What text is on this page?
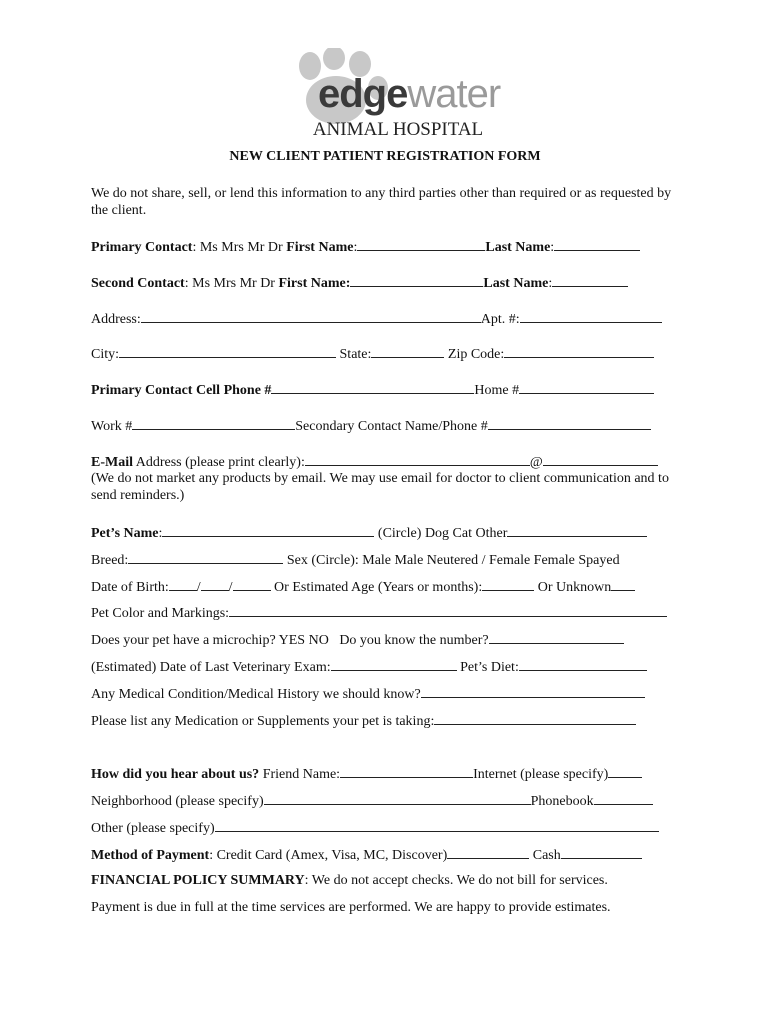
edgewater
ANIMAL HOSPITAL
NEW CLIENT PATIENT REGISTRATION FORM
We do not share, sell, or lend this information to any third parties other than required or as requested by the client.
Primary Contact: Ms Mrs Mr Dr First Name:	Last Name:
Second Contact: Ms Mrs Mr Dr First Name:	Last Name:
Address:	Apt. #:
City:	State:	Zip Code:
Primary Contact Cell Phone #	Home #
Work #	Secondary Contact Name/Phone #
E-Mail Address (please print clearly):	@
(We do not market any products by email. We may use email for doctor to client communication and to send reminders.)
Pet’s Name:	(Circle) Dog Cat Other
Breed:	Sex (Circle): Male Male Neutered / Female Female Spayed
Date of Birth: / /	Or Estimated Age (Years or months):	Or Unknown
Pet Color and Markings:
Does your pet have a microchip? YES NO Do you know the number?
(Estimated) Date of Last Veterinary Exam:	Pet’s Diet:
Any Medical Condition/Medical History we should know?
Please list any Medication or Supplements your pet is taking:
How did you hear about us? Friend Name:	Internet (please specify)
Neighborhood (please specify)	Phonebook
Other (please specify)
Method of Payment: Credit Card (Amex, Visa, MC, Discover)	Cash
FINANCIAL POLICY SUMMARY: We do not accept checks. We do not bill for services.
Payment is due in full at the time services are performed. We are happy to provide estimates.
